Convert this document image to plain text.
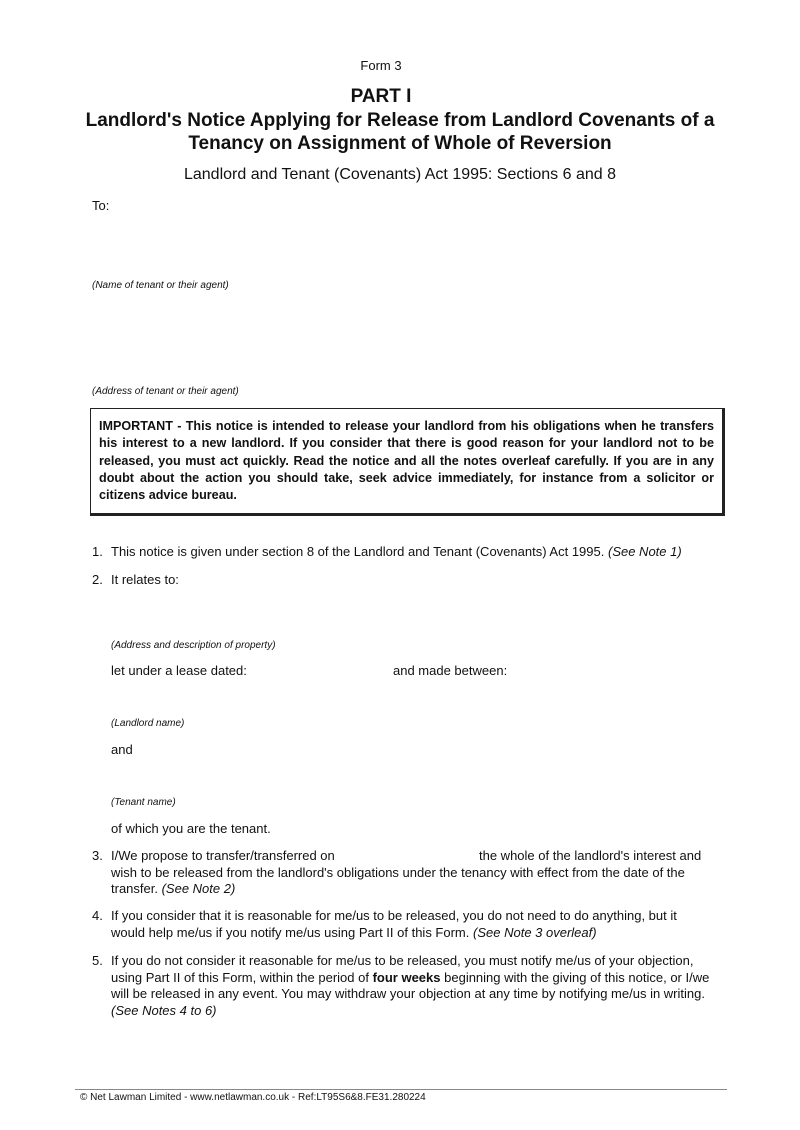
Form 3
PART I
Landlord's Notice Applying for Release from Landlord Covenants of a Tenancy on Assignment of Whole of Reversion
Landlord and Tenant (Covenants) Act 1995: Sections 6 and 8
To:
(Name of tenant or their agent)
(Address of tenant or their agent)

IMPORTANT - This notice is intended to release your landlord from his obligations when he transfers his interest to a new landlord. If you consider that there is good reason for your landlord not to be released, you must act quickly. Read the notice and all the notes overleaf carefully. If you are in any doubt about the action you should take, seek advice immediately, for instance from a solicitor or citizens advice bureau.

1. This notice is given under section 8 of the Landlord and Tenant (Covenants) Act 1995. (See Note 1)
2. It relates to:
(Address and description of property)
let under a lease dated:	and made between:
(Landlord name)
and
(Tenant name)
of which you are the tenant.
3. I/We propose to transfer/transferred on	the whole of the landlord's interest and
wish to be released from the landlord's obligations under the tenancy with effect from the date of the transfer. (See Note 2)
4. If you consider that it is reasonable for me/us to be released, you do not need to do anything, but it would help me/us if you notify me/us using Part II of this Form. (See Note 3 overleaf)
5. If you do not consider it reasonable for me/us to be released, you must notify me/us of your objection, using Part II of this Form, within the period of four weeks beginning with the giving of this notice, or I/we will be released in any event. You may withdraw your objection at any time by notifying me/us in writing. (See Notes 4 to 6)
© Net Lawman Limited - www.netlawman.co.uk - Ref:LT95S6&8.FE31.280224
